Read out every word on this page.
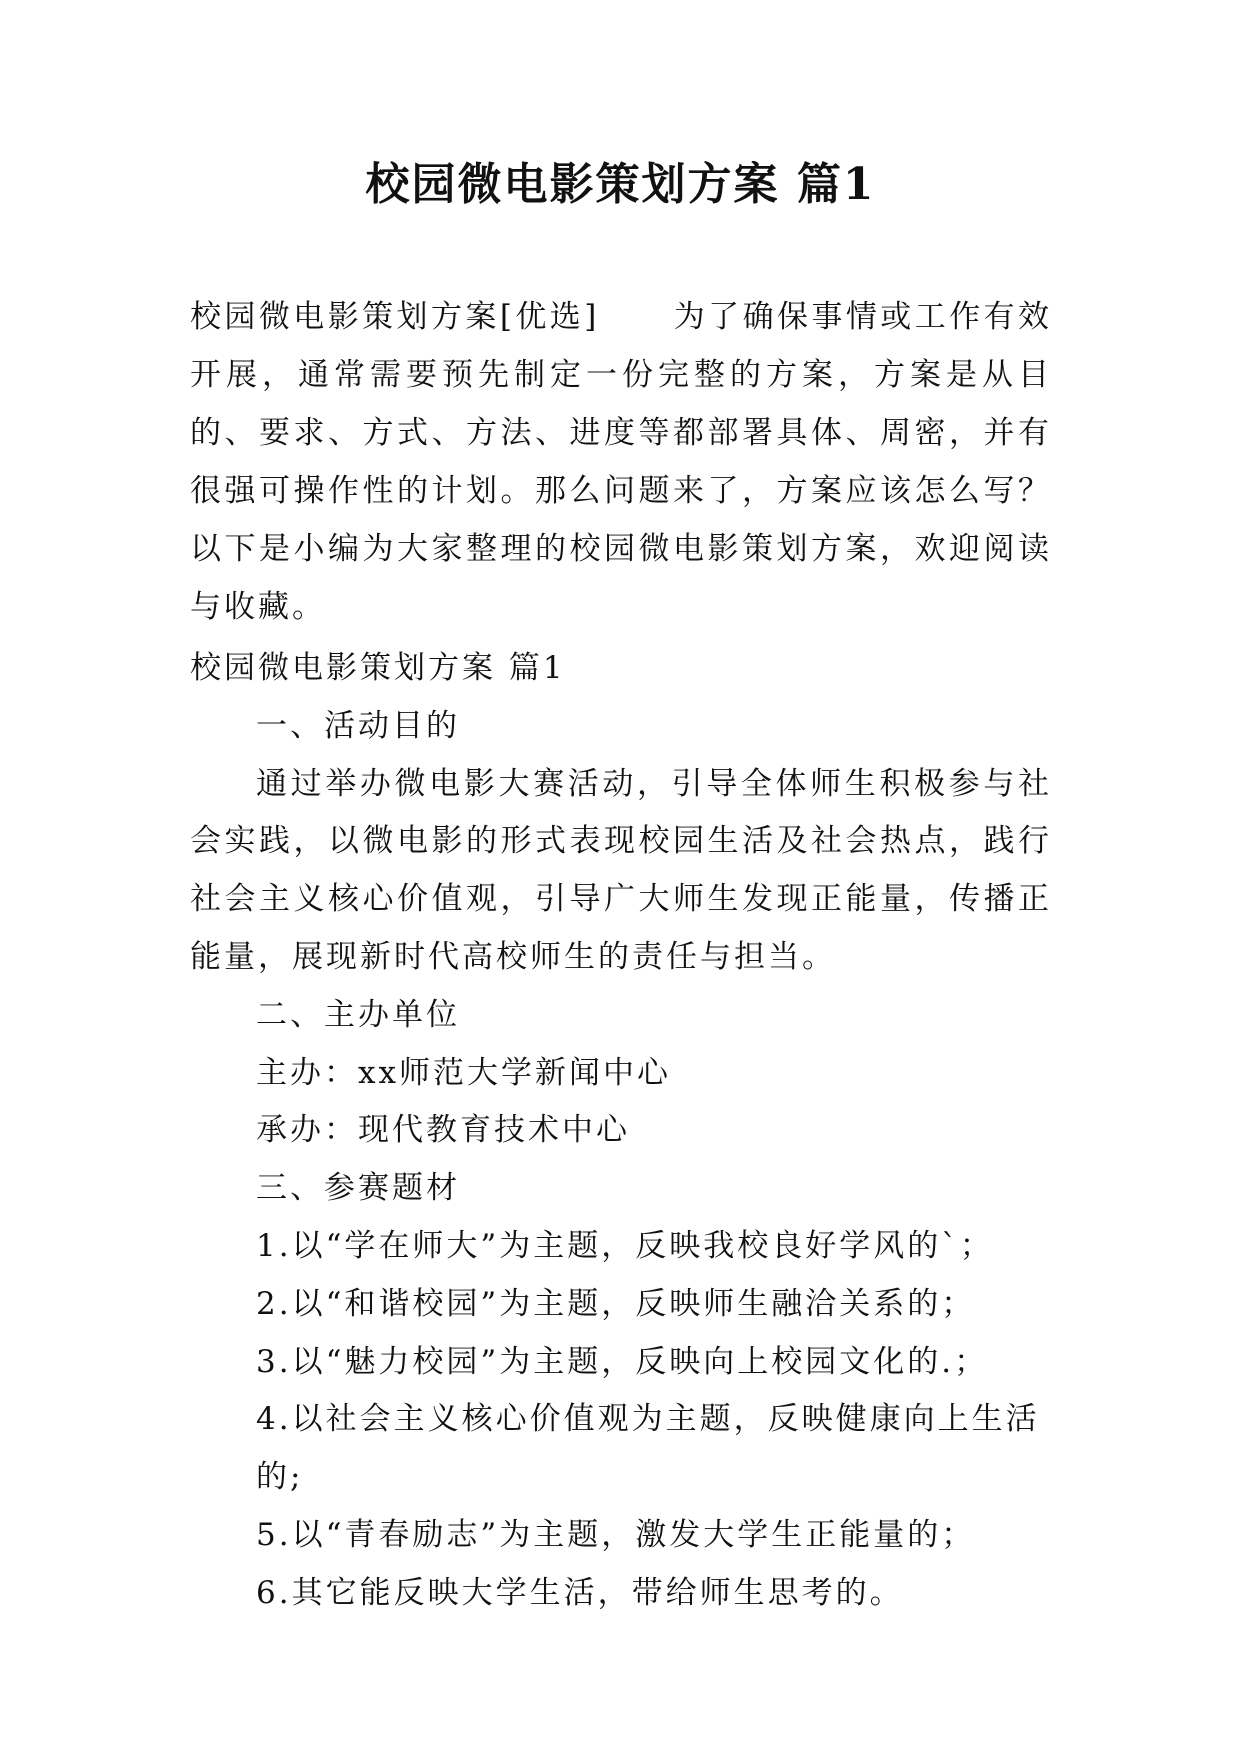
校园微电影策划方案 篇1
校园微电影策划方案[优选] 为了确保事情或工作有效开展，通常需要预先制定一份完整的方案，方案是从目的、要求、方式、方法、进度等都部署具体、周密，并有很强可操作性的计划。那么问题来了，方案应该怎么写？以下是小编为大家整理的校园微电影策划方案，欢迎阅读与收藏。

校园微电影策划方案 篇1

一、活动目的

通过举办微电影大赛活动，引导全体师生积极参与社会实践，以微电影的形式表现校园生活及社会热点，践行社会主义核心价值观，引导广大师生发现正能量，传播正能量，展现新时代高校师生的责任与担当。

二、主办单位

主办：xx师范大学新闻中心

承办：现代教育技术中心

三、参赛题材

1.以“学在师大”为主题，反映我校良好学风的`；

2.以“和谐校园”为主题，反映师生融洽关系的；

3.以“魅力校园”为主题，反映向上校园文化的.；

4.以社会主义核心价值观为主题，反映健康向上生活的;

5.以“青春励志”为主题，激发大学生正能量的；

6.其它能反映大学生活，带给师生思考的。
